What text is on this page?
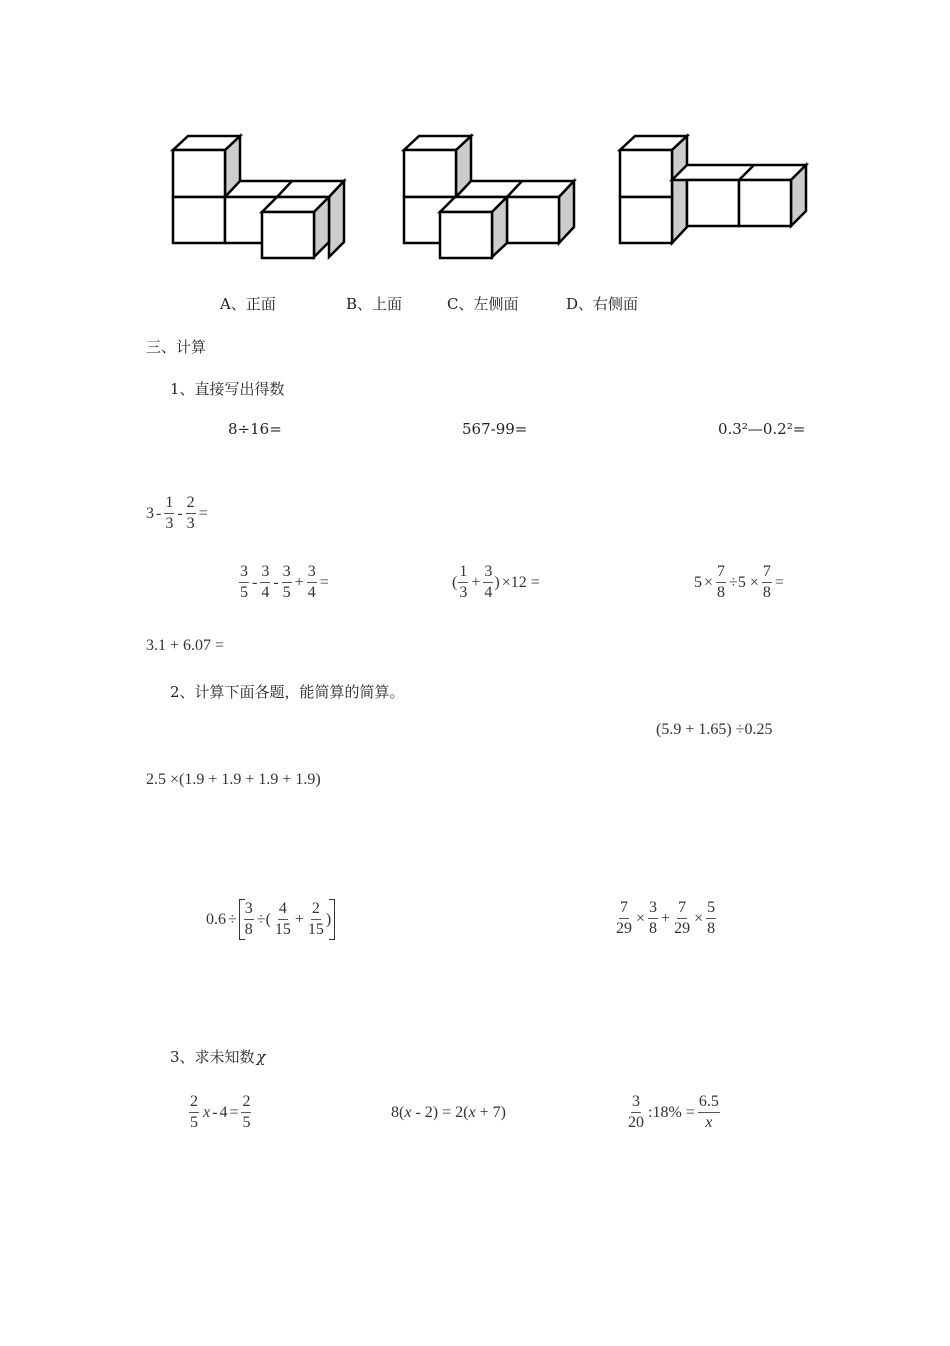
A、正面	B、上面	C、左侧面	D、右侧面
三、计算
1、直接写出得数
8÷16=	567-99=	0.3²—0.2²=
$3 - \frac{1}{3} - \frac{2}{3}$ =
$\frac{3}{5} - \frac{3}{4} - \frac{3}{5} + \frac{3}{4}$ =	( $\frac{1}{3} + \frac{3}{4}$ ) ×12 =	$5 \times \frac{7}{8} \div 5 \times \frac{7}{8}$ =
3.1 + 6.07 =
2、计算下面各题，能简算的简算。
(5.9 + 1.65) ÷0.25
2.5 ×(1.9 + 1.9 + 1.9 + 1.9)
$0.6 \div \frac{3}{8}$ ÷( $\frac{4}{15} + \frac{2}{15}$ )	$\frac{7}{29} \times \frac{3}{8} + \frac{7}{29} \times \frac{5}{8}$
3、求未知数 χ
$\frac{2}{5}$ $x - 4 = \frac{2}{5}$	8(x - 2) = 2(x + 7)	$\frac{3}{20}$ :18% = $\frac{6.5}{x}$
